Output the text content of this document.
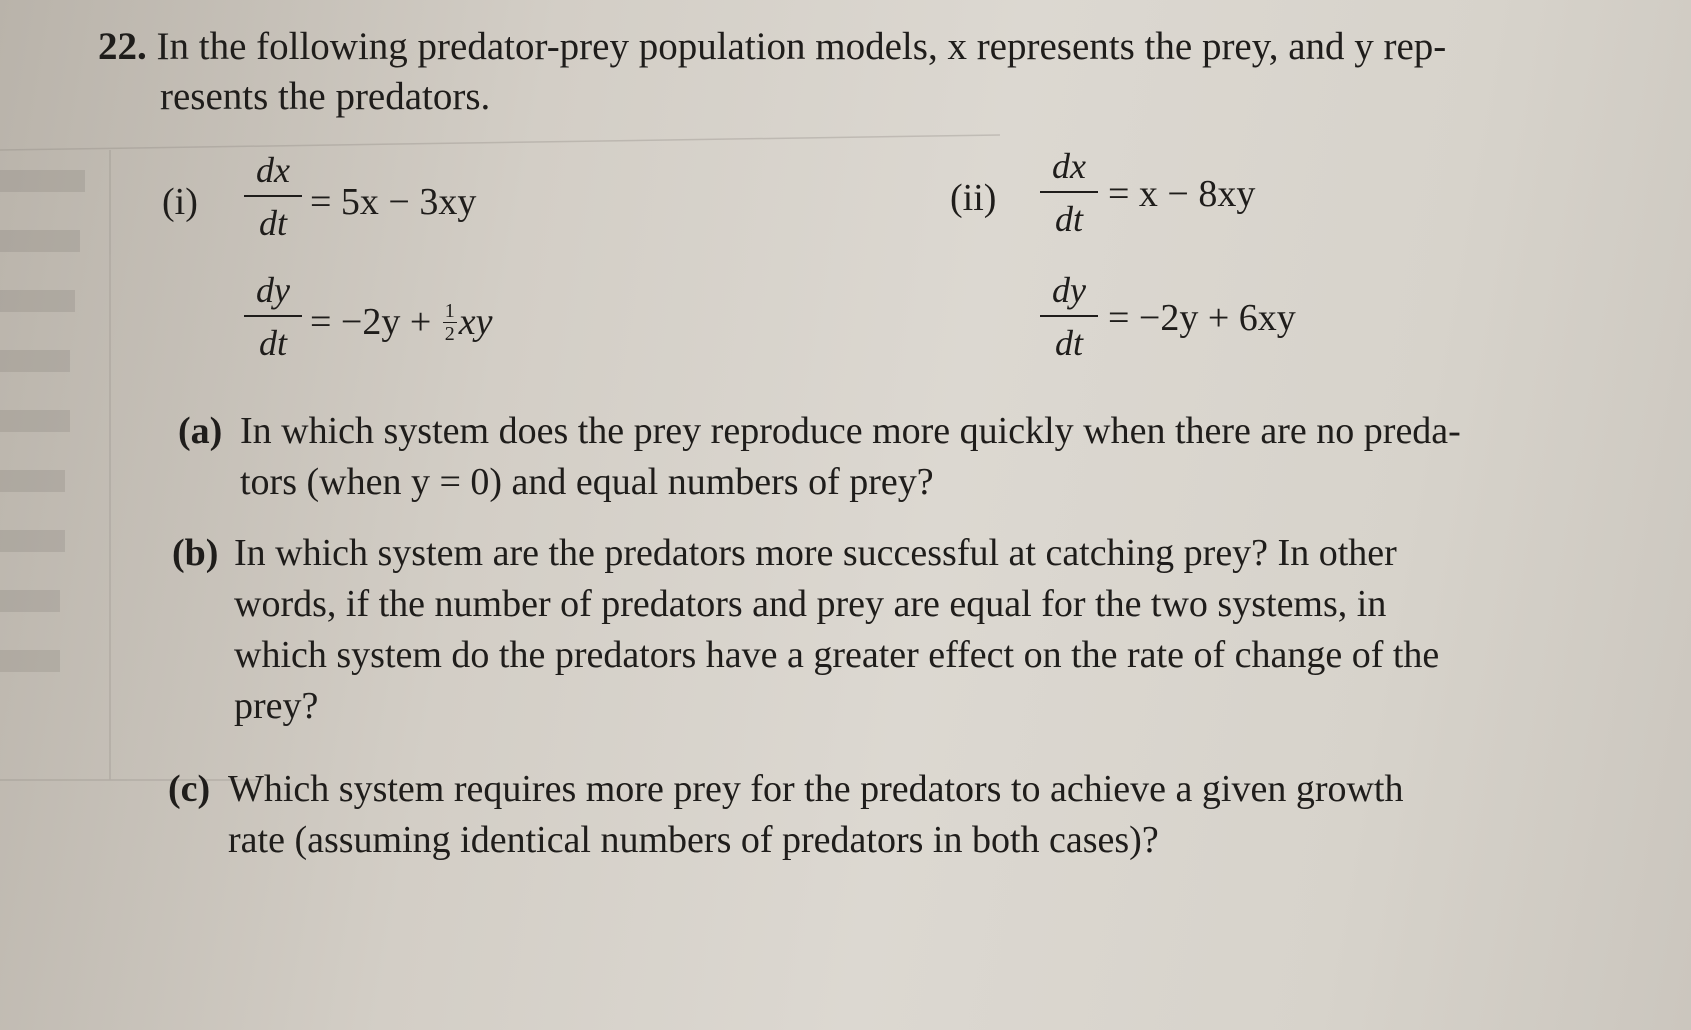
22. In the following predator-prey population models, x represents the prey, and y rep-
resents the predators.
$(i) \frac{dx}{dt} = 5x - 3xy$
$\frac{dy}{dt} = -2y + \frac{1}{2}$ xy
$(ii) \frac{dx}{dt} = x - 8xy$
$\frac{dy}{dt} = -2y + 6xy$
(a) In which system does the prey reproduce more quickly when there are no preda-
tors (when y = 0) and equal numbers of prey?
(b) In which system are the predators more successful at catching prey? In other
words, if the number of predators and prey are equal for the two systems, in
which system do the predators have a greater effect on the rate of change of the
prey?
(c) Which system requires more prey for the predators to achieve a given growth
rate (assuming identical numbers of predators in both cases)?
